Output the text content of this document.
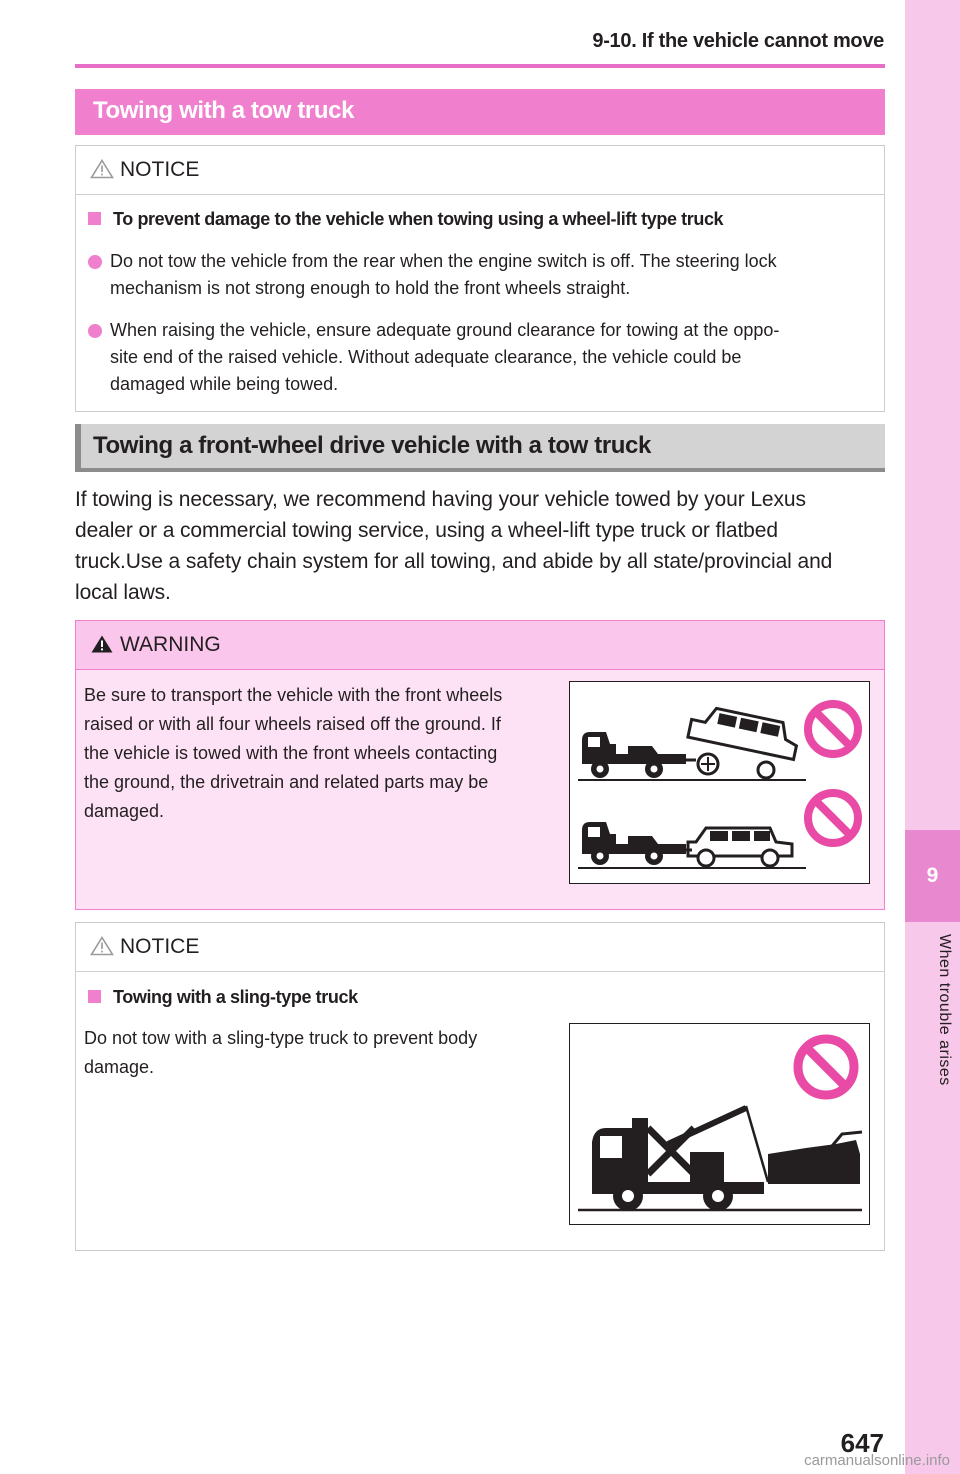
9-10. If the vehicle cannot move
9
When trouble arises
Towing with a tow truck
NOTICE
To prevent damage to the vehicle when towing using a wheel-lift type truck
Do not tow the vehicle from the rear when the engine switch is off. The steering lock
mechanism is not strong enough to hold the front wheels straight.
When raising the vehicle, ensure adequate ground clearance for towing at the oppo-
site end of the raised vehicle. Without adequate clearance, the vehicle could be
damaged while being towed.
Towing a front-wheel drive vehicle with a tow truck
If towing is necessary, we recommend having your vehicle towed by your Lexus
dealer or a commercial towing service, using a wheel-lift type truck or flatbed
truck.Use a safety chain system for all towing, and abide by all state/provincial and
local laws.
WARNING
Be sure to transport the vehicle with the front wheels
raised or with all four wheels raised off the ground. If
the vehicle is towed with the front wheels contacting
the ground, the drivetrain and related parts may be
damaged.
NOTICE
Towing with a sling-type truck
Do not tow with a sling-type truck to prevent body
damage.
647
carmanualsonline.info
